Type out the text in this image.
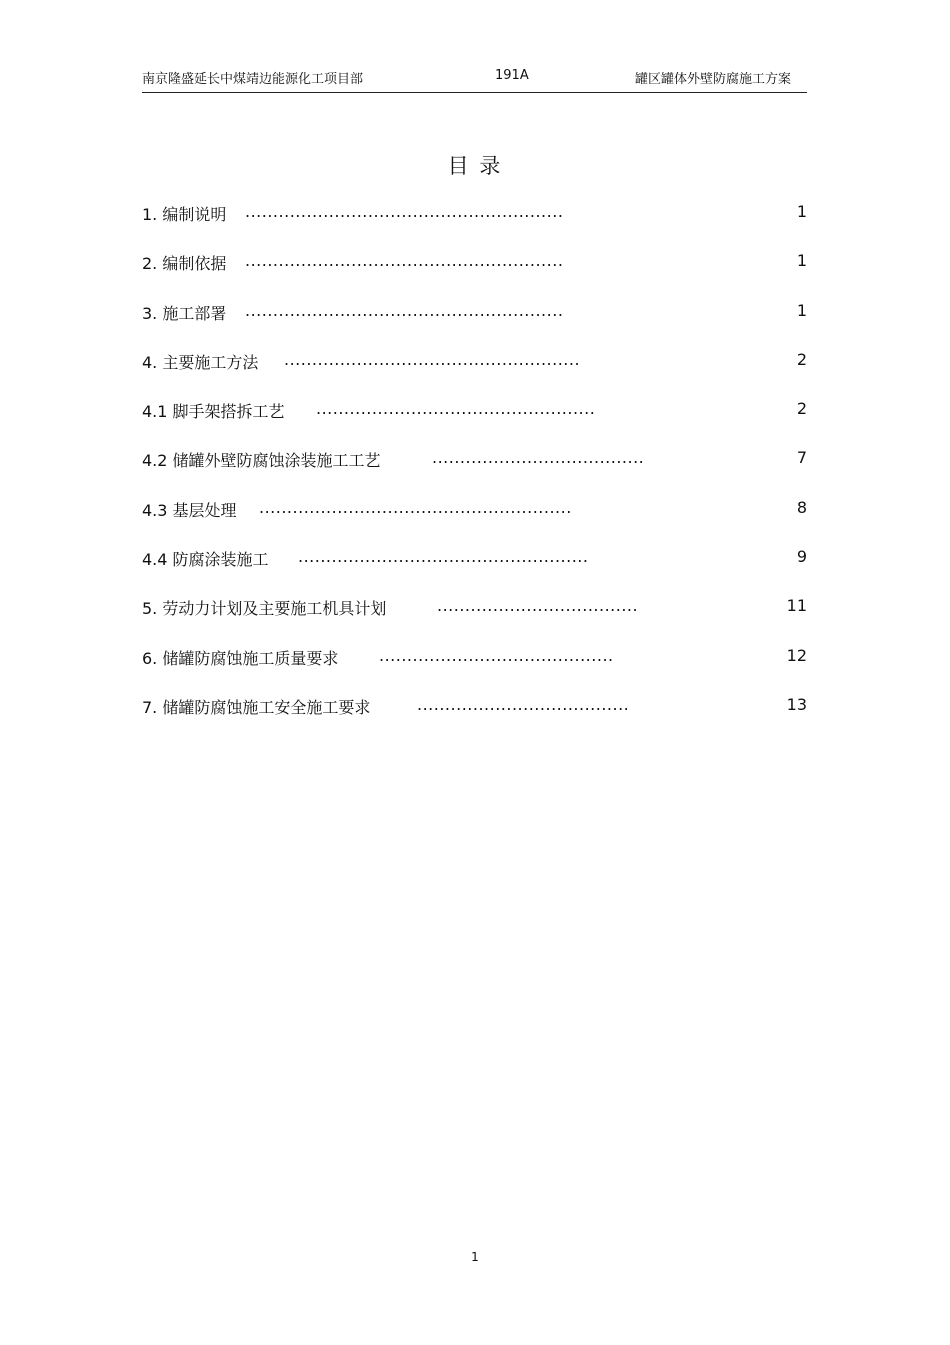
南京隆盛延长中煤靖边能源化工项目部	191A	罐区罐体外壁防腐施工方案
目 录
1. 编制说明 .........................................................	1
2. 编制依据 .........................................................	1
3. 施工部署 .........................................................	1
4. 主要施工方法 .....................................................	2
4.1 脚手架搭拆工艺 ..................................................	2
4.2 储罐外壁防腐蚀涂装施工工艺	......................................	7
4.3 基层处理 ........................................................	8
4.4 防腐涂装施工 ....................................................	9
5. 劳动力计划及主要施工机具计划	....................................	11
6. 储罐防腐蚀施工质量要求	..........................................	12
7. 储罐防腐蚀施工安全施工要求	......................................	13
1
